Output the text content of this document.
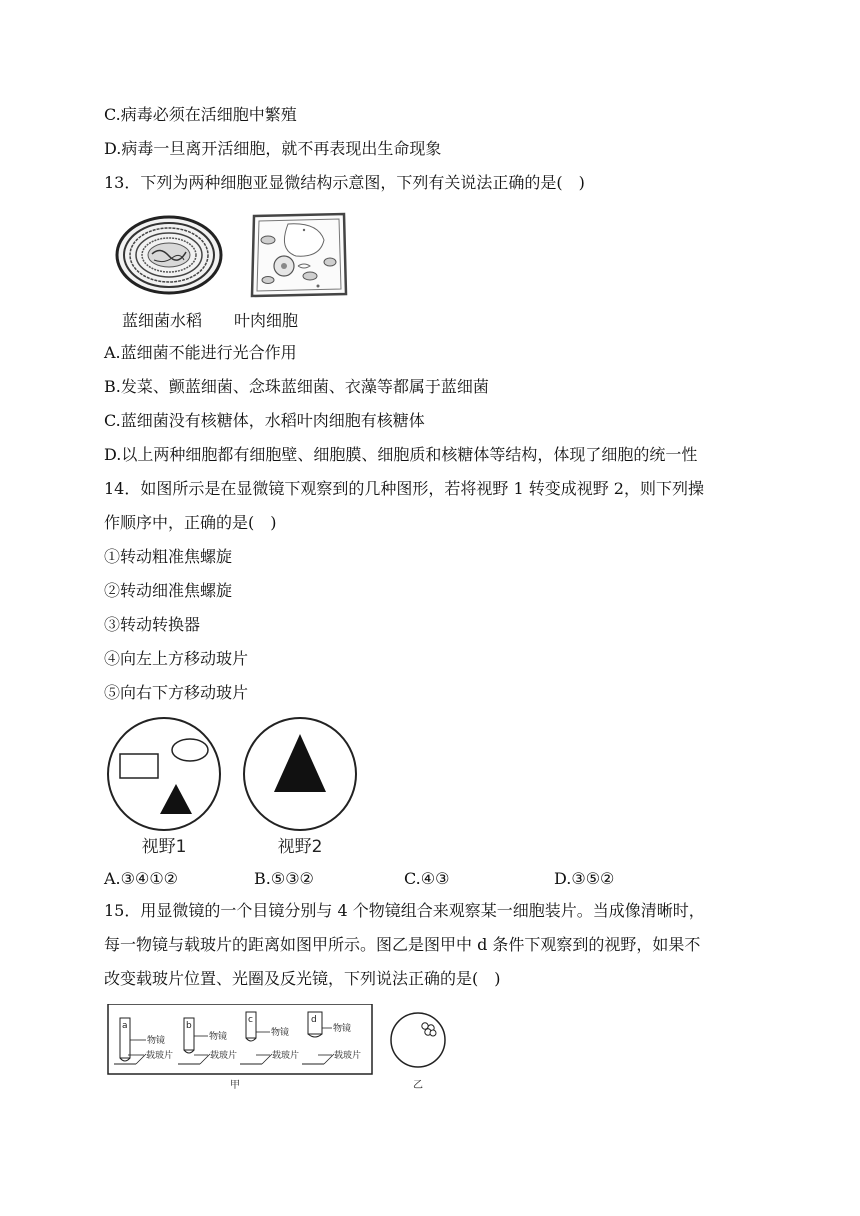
C.病毒必须在活细胞中繁殖
D.病毒一旦离开活细胞，就不再表现出生命现象
13．下列为两种细胞亚显微结构示意图，下列有关说法正确的是(　)
蓝细菌水稻　　叶肉细胞
A.蓝细菌不能进行光合作用
B.发菜、颤蓝细菌、念珠蓝细菌、衣藻等都属于蓝细菌
C.蓝细菌没有核糖体，水稻叶肉细胞有核糖体
D.以上两种细胞都有细胞壁、细胞膜、细胞质和核糖体等结构，体现了细胞的统一性
14．如图所示是在显微镜下观察到的几种图形，若将视野 1 转变成视野 2，则下列操
作顺序中，正确的是(　)
①转动粗准焦螺旋
②转动细准焦螺旋
③转动转换器
④向左上方移动玻片
⑤向右下方移动玻片
视野1	视野2
A.③④①②	B.⑤③②	C.④③	D.③⑤②
15．用显微镜的一个目镜分别与 4 个物镜组合来观察某一细胞装片。当成像清晰时，
每一物镜与载玻片的距离如图甲所示。图乙是图甲中 d 条件下观察到的视野，如果不
改变载玻片位置、光圈及反光镜，下列说法正确的是(　)
a
物镜
载玻片
b
物镜
载玻片
c
物镜
载玻片
d
物镜
载玻片
甲	乙
